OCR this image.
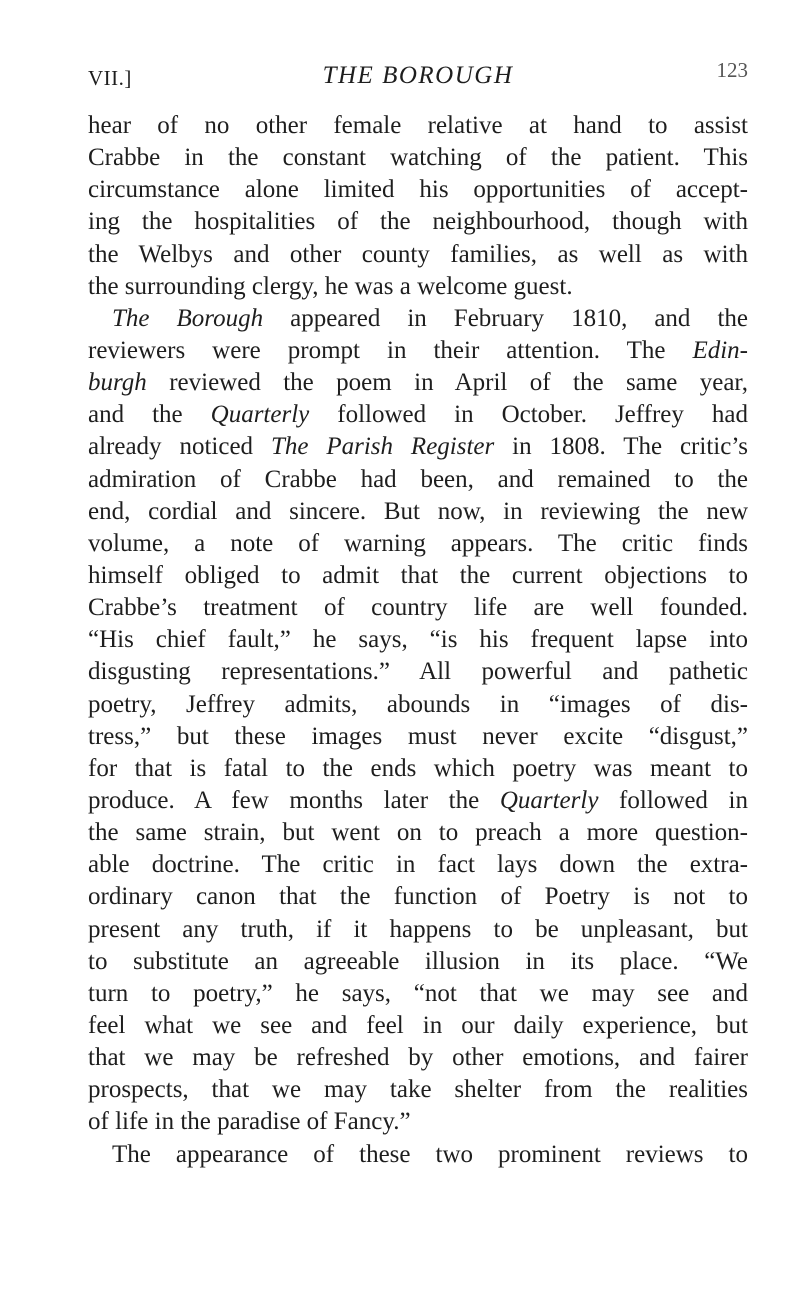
VII.]	THE BOROUGH	123
hear of no other female relative at hand to assist
Crabbe in the constant watching of the patient. This
circumstance alone limited his opportunities of accept-
ing the hospitalities of the neighbourhood, though with
the Welbys and other county families, as well as with
the surrounding clergy, he was a welcome guest.
The Borough appeared in February 1810, and the
reviewers were prompt in their attention. The Edin-
burgh reviewed the poem in April of the same year,
and the Quarterly followed in October. Jeffrey had
already noticed The Parish Register in 1808. The critic’s
admiration of Crabbe had been, and remained to the
end, cordial and sincere. But now, in reviewing the new
volume, a note of warning appears. The critic finds
himself obliged to admit that the current objections to
Crabbe’s treatment of country life are well founded.
“His chief fault,” he says, “is his frequent lapse into
disgusting representations.” All powerful and pathetic
poetry, Jeffrey admits, abounds in “images of dis-
tress,” but these images must never excite “disgust,”
for that is fatal to the ends which poetry was meant to
produce. A few months later the Quarterly followed in
the same strain, but went on to preach a more question-
able doctrine. The critic in fact lays down the extra-
ordinary canon that the function of Poetry is not to
present any truth, if it happens to be unpleasant, but
to substitute an agreeable illusion in its place. “We
turn to poetry,” he says, “not that we may see and
feel what we see and feel in our daily experience, but
that we may be refreshed by other emotions, and fairer
prospects, that we may take shelter from the realities
of life in the paradise of Fancy.”
The appearance of these two prominent reviews to
